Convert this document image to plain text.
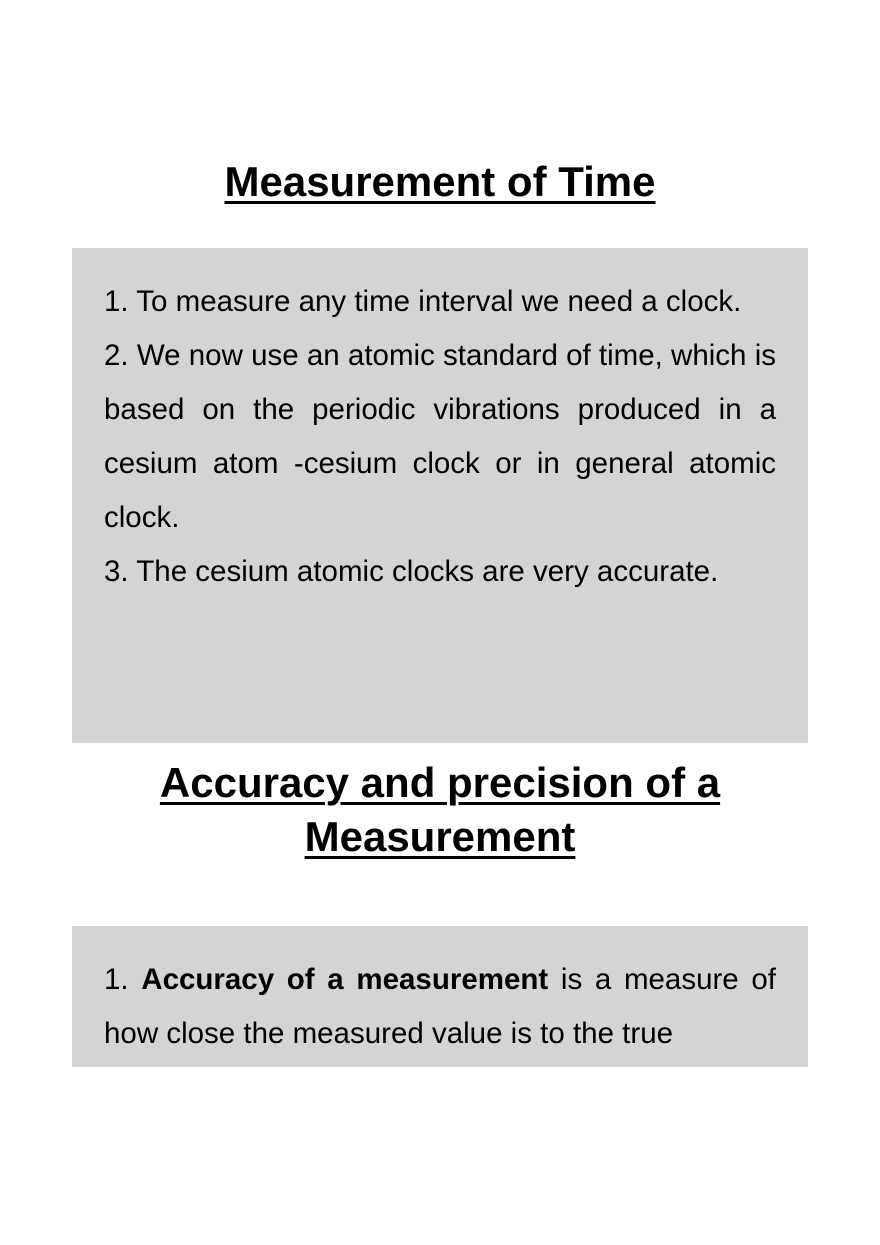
Measurement of Time

1. To measure any time interval we need a clock.

2. We now use an atomic standard of time, which is based on the periodic vibrations produced in a cesium atom -cesium clock or in general atomic clock.

3. The cesium atomic clocks are very accurate.

Accuracy and precision of a
Measurement

1. Accuracy of a measurement is a measure of how close the measured value is to the true
